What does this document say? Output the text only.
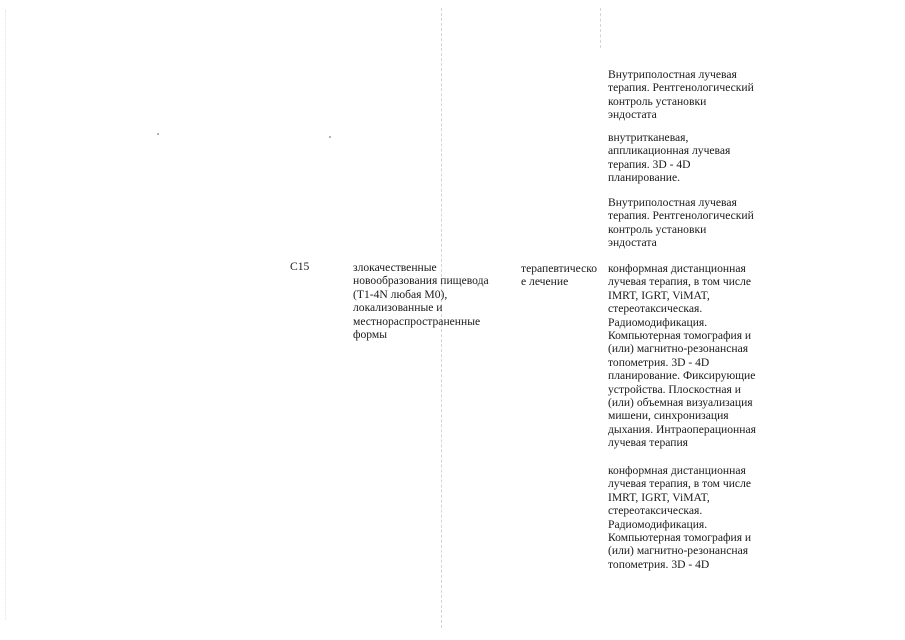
C15	злокачественные
новообразования пищевода
(T1-4N любая M0),
локализованные и
местнораспространенные
формы
терапевтическо
е лечение
Внутриполостная лучевая
терапия. Рентгенологический
контроль установки
эндостата
внутритканевая,
аппликационная лучевая
терапия. 3D - 4D
планирование.
Внутриполостная лучевая
терапия. Рентгенологический
контроль установки
эндостата
конформная дистанционная
лучевая терапия, в том числе
IMRT, IGRT, ViMAT,
стереотаксическая.
Радиомодификация.
Компьютерная томография и
(или) магнитно-резонансная
топометрия. 3D - 4D
планирование. Фиксирующие
устройства. Плоскостная и
(или) объемная визуализация
мишени, синхронизация
дыхания. Интраоперационная
лучевая терапия
конформная дистанционная
лучевая терапия, в том числе
IMRT, IGRT, ViMAT,
стереотаксическая.
Радиомодификация.
Компьютерная томография и
(или) магнитно-резонансная
топометрия. 3D - 4D
